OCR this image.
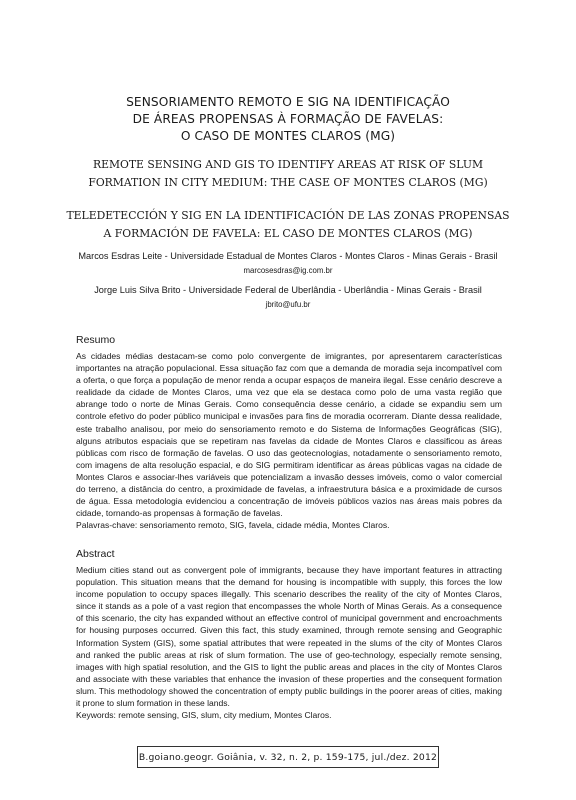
SENSORIAMENTO REMOTO E SIG NA IDENTIFICAÇÃO
DE ÁREAS PROPENSAS À FORMAÇÃO DE FAVELAS:
O CASO DE MONTES CLAROS (MG)
REMOTE SENSING AND GIS TO IDENTIFY AREAS AT RISK OF SLUM
FORMATION IN CITY MEDIUM: THE CASE OF MONTES CLAROS (MG)
TELEDETECCIÓN Y SIG EN LA IDENTIFICACIÓN DE LAS ZONAS PROPENSAS
A FORMACIÓN DE FAVELA: EL CASO DE MONTES CLAROS (MG)
Marcos Esdras Leite - Universidade Estadual de Montes Claros - Montes Claros - Minas Gerais - Brasil
marcosesdras@ig.com.br
Jorge Luis Silva Brito - Universidade Federal de Uberlândia - Uberlândia - Minas Gerais - Brasil
jbrito@ufu.br
Resumo
As cidades médias destacam-se como polo convergente de imigrantes, por apresentarem características importantes na atração populacional. Essa situação faz com que a demanda de moradia seja incompatível com a oferta, o que força a população de menor renda a ocupar espaços de maneira ilegal. Esse cenário descreve a realidade da cidade de Montes Claros, uma vez que ela se destaca como polo de uma vasta região que abrange todo o norte de Minas Gerais. Como consequência desse cenário, a cidade se expandiu sem um controle efetivo do poder público municipal e invasões para fins de moradia ocorreram. Diante dessa realidade, este trabalho analisou, por meio do sensoriamento remoto e do Sistema de Informações Geográficas (SIG), alguns atributos espaciais que se repetiram nas favelas da cidade de Montes Claros e classificou as áreas públicas com risco de formação de favelas. O uso das geotecnologias, notadamente o sensoriamento remoto, com imagens de alta resolução espacial, e do SIG permitiram identificar as áreas públicas vagas na cidade de Montes Claros e associar-lhes variáveis que potencializam a invasão desses imóveis, como o valor comercial do terreno, a distância do centro, a proximidade de favelas, a infraestrutura básica e a proximidade de cursos de água. Essa metodologia evidenciou a concentração de imóveis públicos vazios nas áreas mais pobres da cidade, tornando-as propensas à formação de favelas.
Palavras-chave: sensoriamento remoto, SIG, favela, cidade média, Montes Claros.
Abstract
Medium cities stand out as convergent pole of immigrants, because they have important features in attracting population. This situation means that the demand for housing is incompatible with supply, this forces the low income population to occupy spaces illegally. This scenario describes the reality of the city of Montes Claros, since it stands as a pole of a vast region that encompasses the whole North of Minas Gerais. As a consequence of this scenario, the city has expanded without an effective control of municipal government and encroachments for housing purposes occurred. Given this fact, this study examined, through remote sensing and Geographic Information System (GIS), some spatial attributes that were repeated in the slums of the city of Montes Claros and ranked the public areas at risk of slum formation. The use of geo-technology, especially remote sensing, images with high spatial resolution, and the GIS to light the public areas and places in the city of Montes Claros and associate with these variables that enhance the invasion of these properties and the consequent formation slum. This methodology showed the concentration of empty public buildings in the poorer areas of cities, making it prone to slum formation in these lands.
Keywords: remote sensing, GIS, slum, city medium, Montes Claros.
B.goiano.geogr. Goiânia, v. 32, n. 2, p. 159-175, jul./dez. 2012
